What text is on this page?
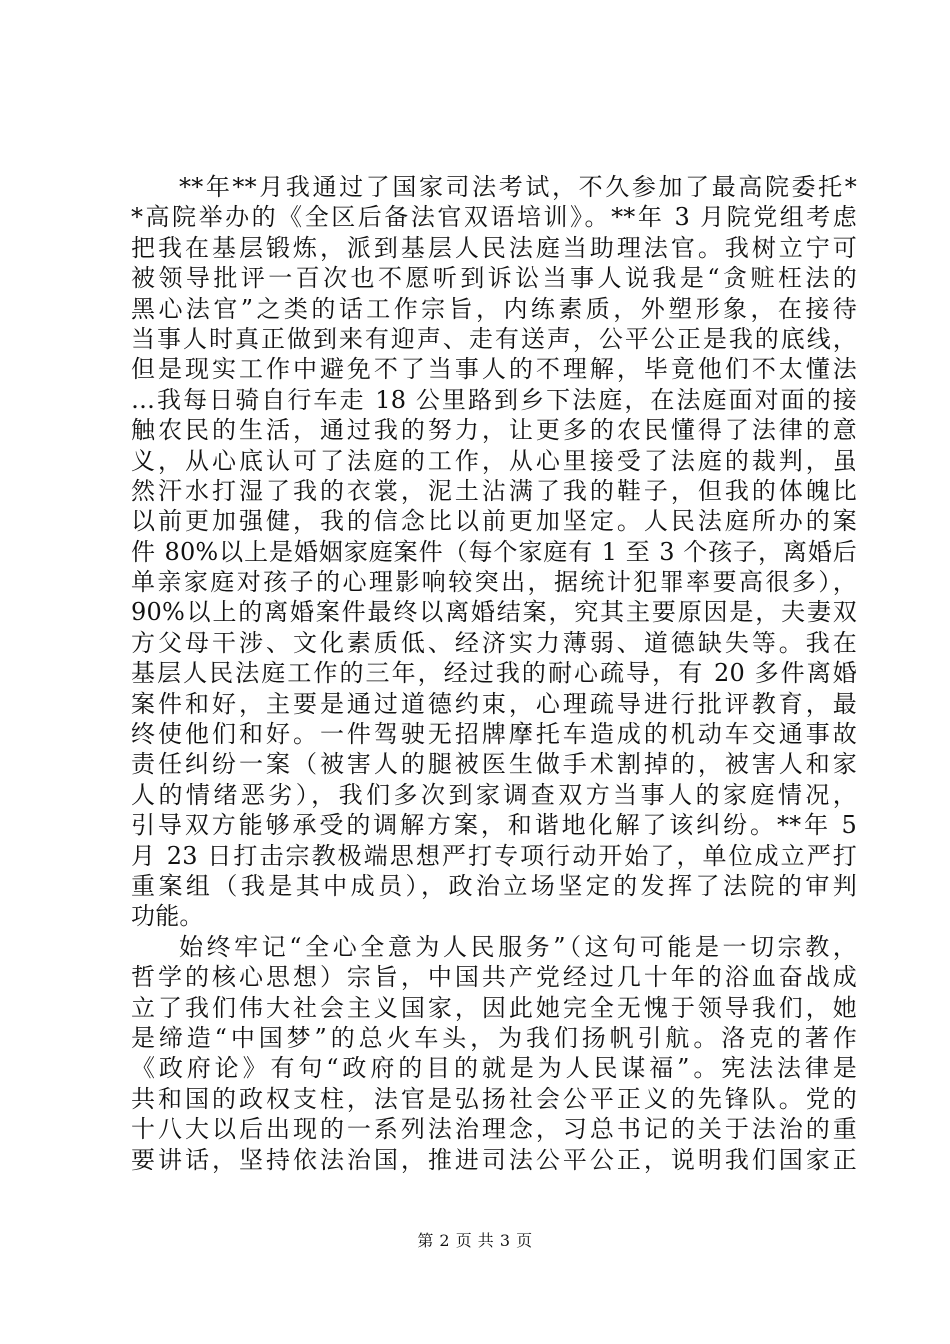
**年**月我通过了国家司法考试，不久参加了最高院委托*
*高院举办的《全区后备法官双语培训》。**年 3 月院党组考虑
把我在基层锻炼，派到基层人民法庭当助理法官。我树立宁可
被领导批评一百次也不愿听到诉讼当事人说我是“贪赃枉法的
黑心法官”之类的话工作宗旨，内练素质，外塑形象，在接待
当事人时真正做到来有迎声、走有送声，公平公正是我的底线，
但是现实工作中避免不了当事人的不理解，毕竟他们不太懂法
…我每日骑自行车走 18 公里路到乡下法庭，在法庭面对面的接
触农民的生活，通过我的努力，让更多的农民懂得了法律的意
义，从心底认可了法庭的工作，从心里接受了法庭的裁判，虽
然汗水打湿了我的衣裳，泥土沾满了我的鞋子，但我的体魄比
以前更加强健，我的信念比以前更加坚定。人民法庭所办的案
件 80%以上是婚姻家庭案件（每个家庭有 1 至 3 个孩子，离婚后
单亲家庭对孩子的心理影响较突出，据统计犯罪率要高很多），
90%以上的离婚案件最终以离婚结案，究其主要原因是，夫妻双
方父母干涉、文化素质低、经济实力薄弱、道德缺失等。我在
基层人民法庭工作的三年，经过我的耐心疏导，有 20 多件离婚
案件和好，主要是通过道德约束，心理疏导进行批评教育，最
终使他们和好。一件驾驶无招牌摩托车造成的机动车交通事故
责任纠纷一案（被害人的腿被医生做手术割掉的，被害人和家
人的情绪恶劣），我们多次到家调查双方当事人的家庭情况，
引导双方能够承受的调解方案，和谐地化解了该纠纷。**年 5
月 23 日打击宗教极端思想严打专项行动开始了，单位成立严打
重案组（我是其中成员），政治立场坚定的发挥了法院的审判
功能。
始终牢记“全心全意为人民服务”（这句可能是一切宗教，
哲学的核心思想）宗旨，中国共产党经过几十年的浴血奋战成
立了我们伟大社会主义国家，因此她完全无愧于领导我们，她
是缔造“中国梦”的总火车头，为我们扬帆引航。洛克的著作
《政府论》有句“政府的目的就是为人民谋福”。宪法法律是
共和国的政权支柱，法官是弘扬社会公平正义的先锋队。党的
十八大以后出现的一系列法治理念，习总书记的关于法治的重
要讲话，坚持依法治国，推进司法公平公正，说明我们国家正
第 2 页 共 3 页
